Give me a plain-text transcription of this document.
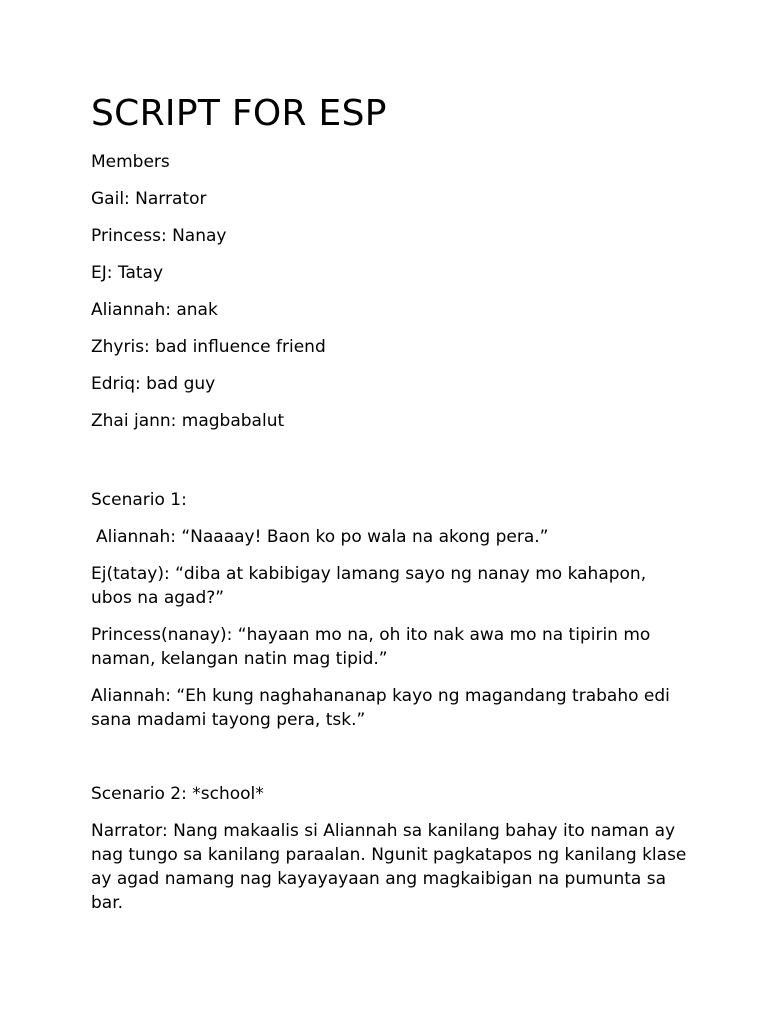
SCRIPT FOR ESP

Members

Gail: Narrator

Princess: Nanay

EJ: Tatay

Aliannah: anak

Zhyris: bad influence friend

Edriq: bad guy

Zhai jann: magbabalut

Scenario 1:

Aliannah: “Naaaay! Baon ko po wala na akong pera.”

Ej(tatay): “diba at kabibigay lamang sayo ng nanay mo kahapon, ubos na agad?”

Princess(nanay): “hayaan mo na, oh ito nak awa mo na tipirin mo naman, kelangan natin mag tipid.”

Aliannah: “Eh kung naghahananap kayo ng magandang trabaho edi sana madami tayong pera, tsk.”

Scenario 2: *school*

Narrator: Nang makaalis si Aliannah sa kanilang bahay ito naman ay nag tungo sa kanilang paraalan. Ngunit pagkatapos ng kanilang klase ay agad namang nag kayayayaan ang magkaibigan na pumunta sa bar.
